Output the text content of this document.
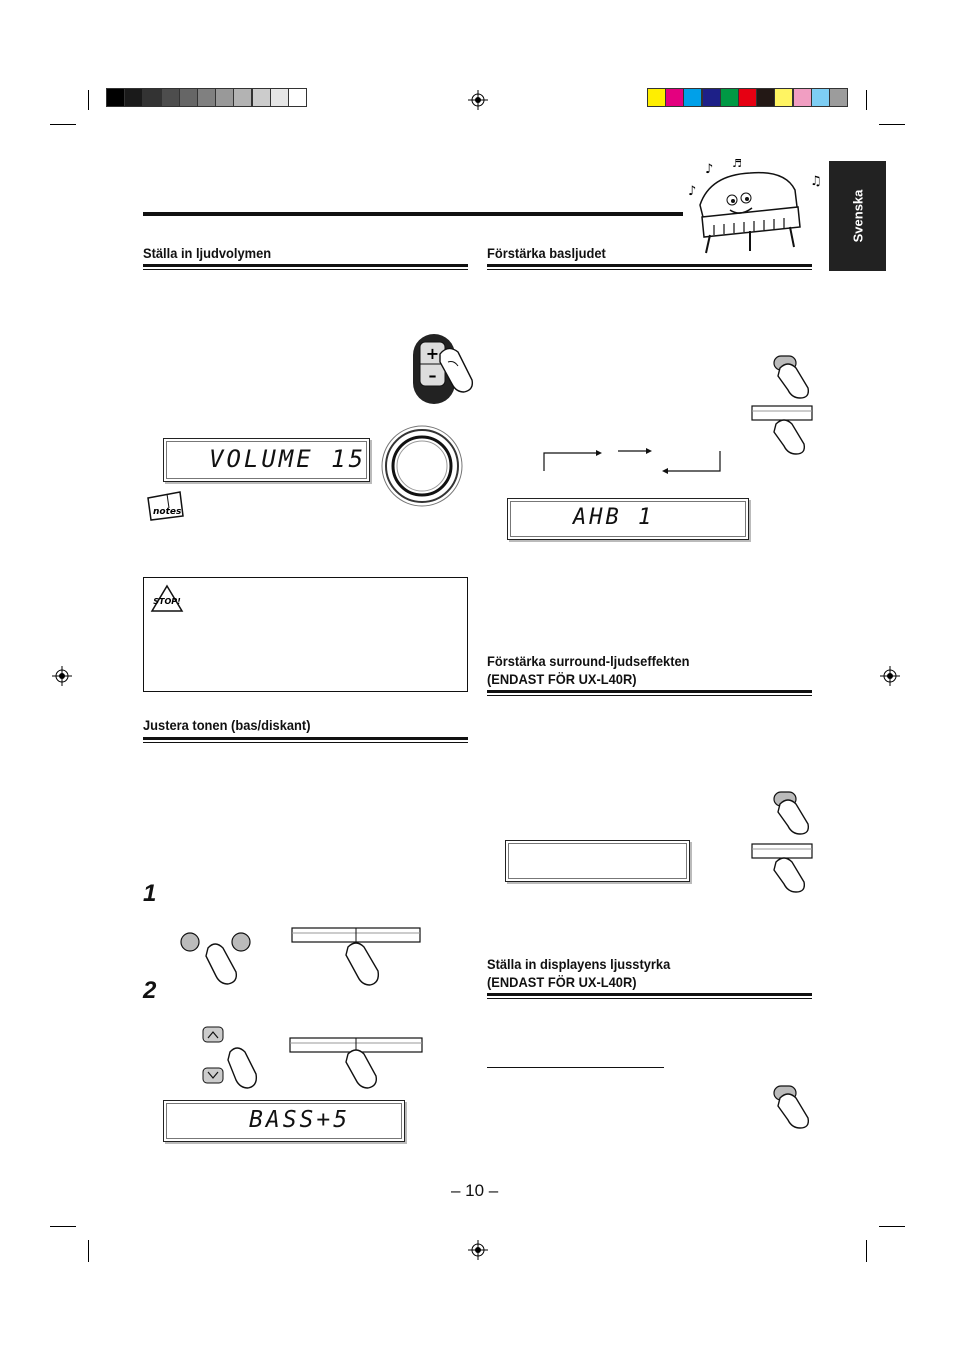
♪
♪
♫
♬
Svenska
Ställa in ljudvolymen
+
–
VOLUME 15
notes
STOP!
Justera tonen (bas/diskant)
1
2
BASS+5
Förstärka basljudet
AHB 1
Förstärka surround-ljudseffekten
(ENDAST FÖR UX-L40R)
Ställa in displayens ljusstyrka
(ENDAST FÖR UX-L40R)
– 10 –
